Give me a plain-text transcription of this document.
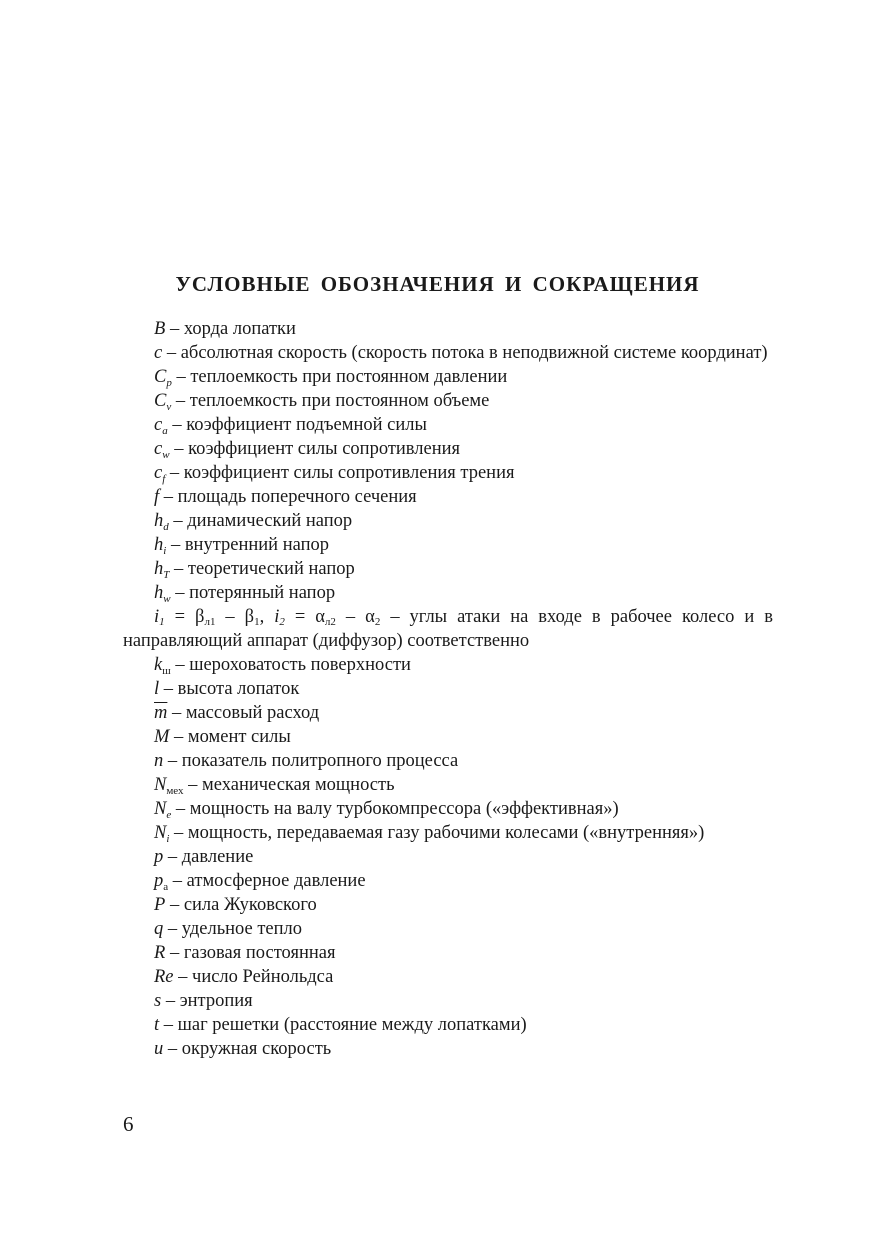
УСЛОВНЫЕ ОБОЗНАЧЕНИЯ И СОКРАЩЕНИЯ
B – хорда лопатки
c – абсолютная скорость (скорость потока в неподвижной системе координат)
$C_p$ – теплоемкость при постоянном давлении
$C_v$ – теплоемкость при постоянном объеме
$c_a$ – коэффициент подъемной силы
$c_w$ – коэффициент силы сопротивления
$c_f$ – коэффициент силы сопротивления трения
f – площадь поперечного сечения
$h_d$ – динамический напор
$h_i$ – внутренний напор
$h_T$ – теоретический напор
$h_w$ – потерянный напор
$i_1 = \beta_{л1} - \beta_1$, $i_2 = \alpha_{л2} - \alpha_2$ – углы атаки на входе в рабочее колесо и в направляющий аппарат (диффузор) соответственно
$k_ш$ – шероховатость поверхности
l – высота лопаток
$\overline{m}$ – массовый расход
M – момент силы
n – показатель политропного процесса
$N_{мех}$ – механическая мощность
$N_e$ – мощность на валу турбокомпрессора («эффективная»)
$N_i$ – мощность, передаваемая газу рабочими колесами («внутренняя»)
p – давление
$p_а$ – атмосферное давление
P – сила Жуковского
q – удельное тепло
R – газовая постоянная
Re – число Рейнольдса
s – энтропия
t – шаг решетки (расстояние между лопатками)
u – окружная скорость
6
